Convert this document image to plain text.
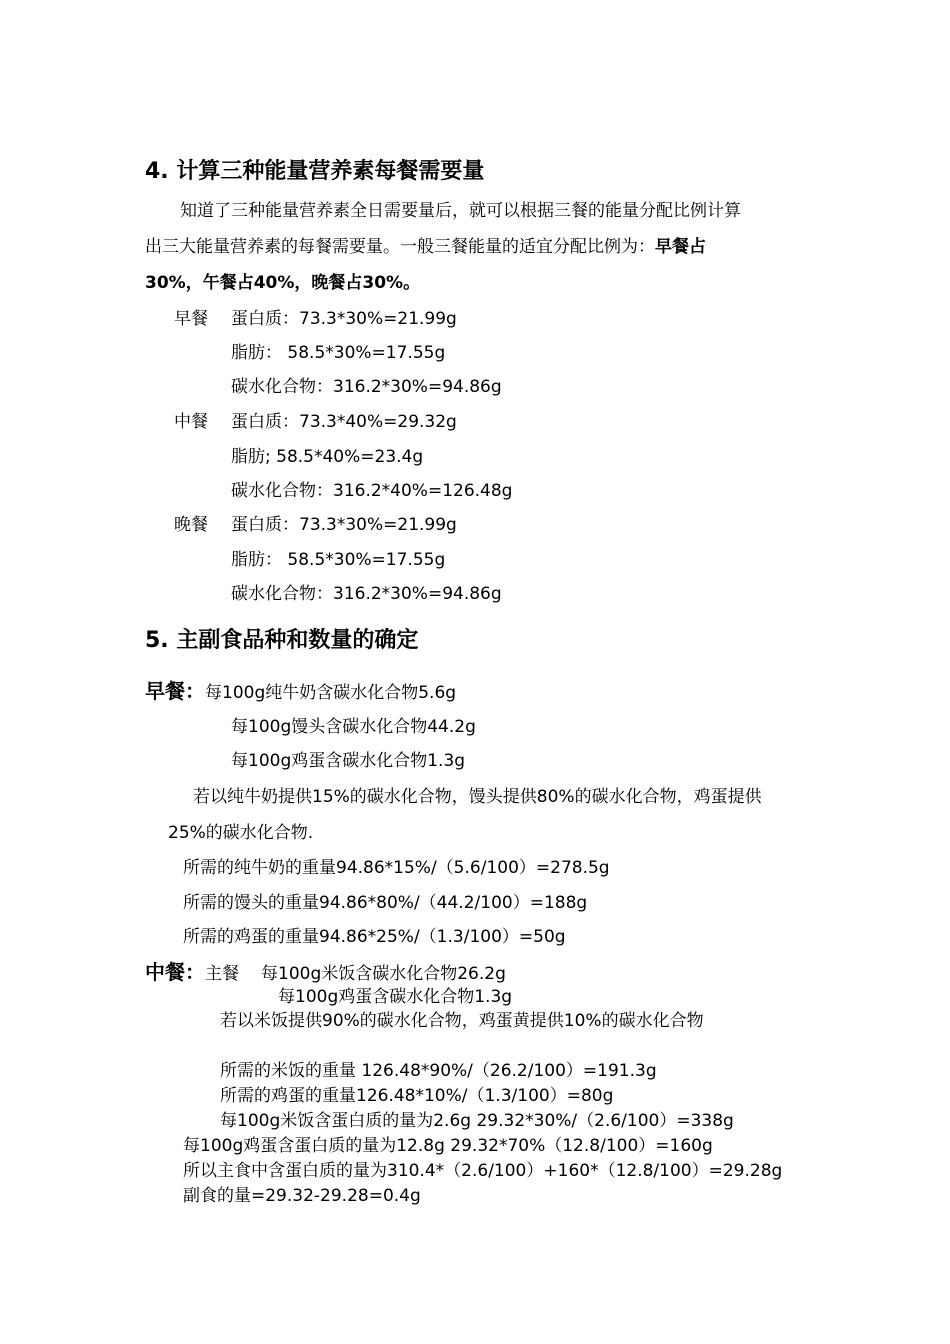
4. 计算三种能量营养素每餐需要量
知道了三种能量营养素全日需要量后，就可以根据三餐的能量分配比例计算
出三大能量营养素的每餐需要量。一般三餐能量的适宜分配比例为：早餐占
30%，午餐占40%，晚餐占30%。
早餐 蛋白质：73.3*30%=21.99g
脂肪： 58.5*30%=17.55g
碳水化合物：316.2*30%=94.86g
中餐 蛋白质：73.3*40%=29.32g
脂肪; 58.5*40%=23.4g
碳水化合物：316.2*40%=126.48g
晚餐 蛋白质：73.3*30%=21.99g
脂肪： 58.5*30%=17.55g
碳水化合物：316.2*30%=94.86g
5. 主副食品种和数量的确定
早餐：每100g纯牛奶含碳水化合物5.6g
每100g馒头含碳水化合物44.2g
每100g鸡蛋含碳水化合物1.3g
若以纯牛奶提供15%的碳水化合物，馒头提供80%的碳水化合物，鸡蛋提供
25%的碳水化合物.
所需的纯牛奶的重量94.86*15%/（5.6/100）=278.5g
所需的馒头的重量94.86*80%/（44.2/100）=188g
所需的鸡蛋的重量94.86*25%/（1.3/100）=50g
中餐：主餐 每100g米饭含碳水化合物26.2g
每100g鸡蛋含碳水化合物1.3g
若以米饭提供90%的碳水化合物，鸡蛋黄提供10%的碳水化合物
所需的米饭的重量 126.48*90%/（26.2/100）=191.3g
所需的鸡蛋的重量126.48*10%/（1.3/100）=80g
每100g米饭含蛋白质的量为2.6g 29.32*30%/（2.6/100）=338g
每100g鸡蛋含蛋白质的量为12.8g 29.32*70%（12.8/100）=160g
所以主食中含蛋白质的量为310.4*（2.6/100）+160*（12.8/100）=29.28g
副食的量=29.32-29.28=0.4g
